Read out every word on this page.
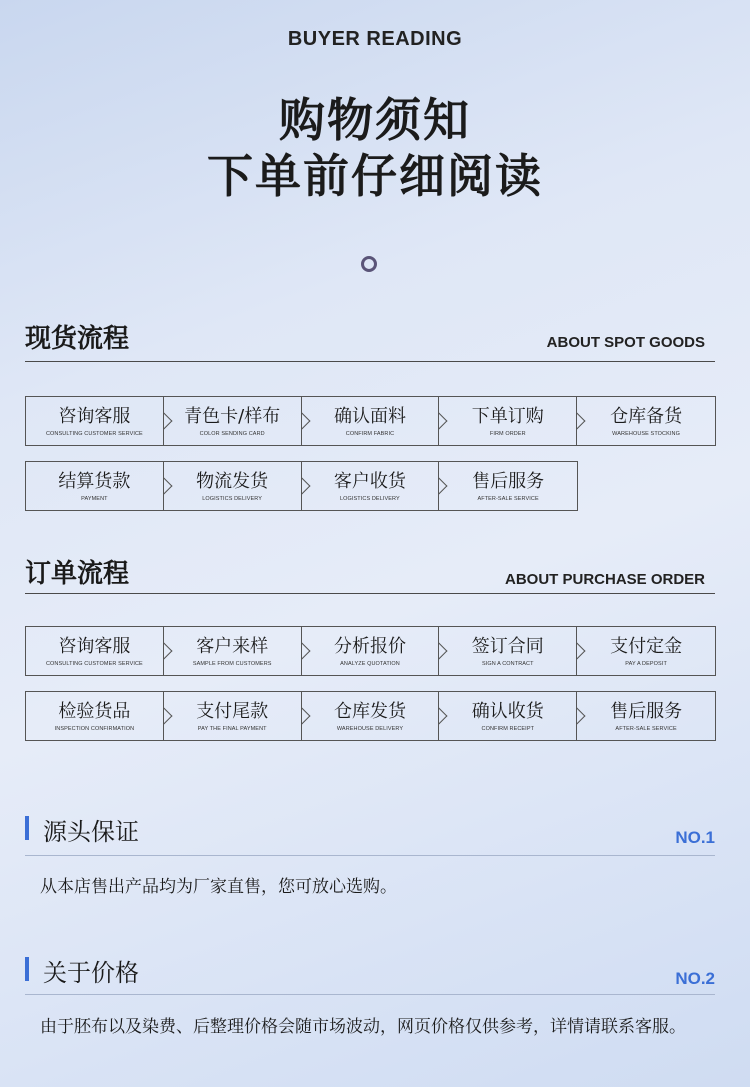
BUYER READING
购物须知
下单前仔细阅读
现货流程	ABOUT SPOT GOODS
咨询客服
CONSULTING CUSTOMER SERVICE
青色卡/样布
COLOR SENDING CARD
确认面料
CONFIRM FABRIC
下单订购
FIRM ORDER
仓库备货
WAREHOUSE STOCKING
结算货款
PAYMENT
物流发货
LOGISTICS DELIVERY
客户收货
LOGISTICS DELIVERY
售后服务
AFTER-SALE SERVICE
订单流程	ABOUT PURCHASE ORDER
咨询客服
CONSULTING CUSTOMER SERVICE
客户来样
SAMPLE FROM CUSTOMERS
分析报价
ANALYZE QUOTATION
签订合同
SIGN A CONTRACT
支付定金
PAY A DEPOSIT
检验货品
INSPECTION CONFIRMATION
支付尾款
PAY THE FINAL PAYMENT
仓库发货
WAREHOUSE DELIVERY
确认收货
CONFIRM RECEIPT
售后服务
AFTER-SALE SERVICE
源头保证	NO.1
从本店售出产品均为厂家直售，您可放心选购。
关于价格	NO.2
由于胚布以及染费、后整理价格会随市场波动，网页价格仅供参考，详情请联系客服。
